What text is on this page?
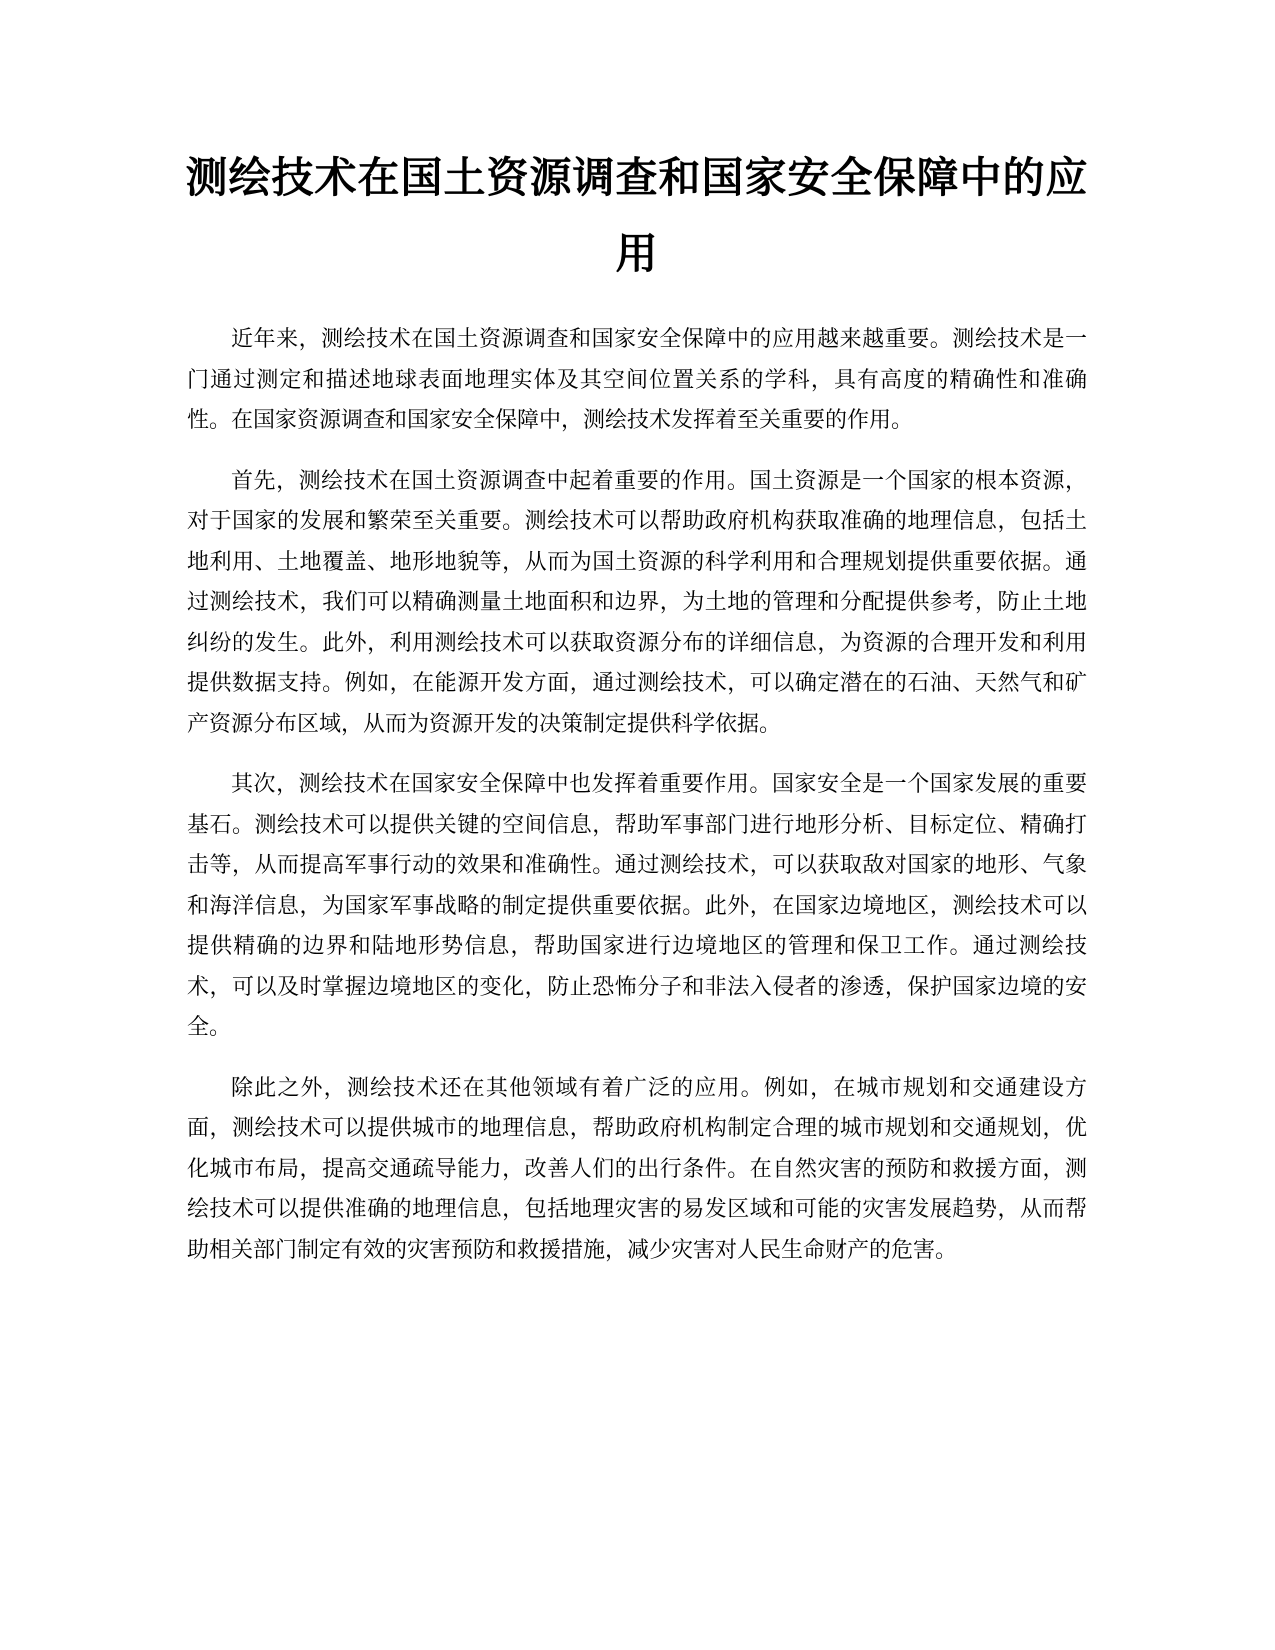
测绘技术在国土资源调查和国家安全保障中的应用

近年来，测绘技术在国土资源调查和国家安全保障中的应用越来越重要。测绘技术是一门通过测定和描述地球表面地理实体及其空间位置关系的学科，具有高度的精确性和准确性。在国家资源调查和国家安全保障中，测绘技术发挥着至关重要的作用。

首先，测绘技术在国土资源调查中起着重要的作用。国土资源是一个国家的根本资源，对于国家的发展和繁荣至关重要。测绘技术可以帮助政府机构获取准确的地理信息，包括土地利用、土地覆盖、地形地貌等，从而为国土资源的科学利用和合理规划提供重要依据。通过测绘技术，我们可以精确测量土地面积和边界，为土地的管理和分配提供参考，防止土地纠纷的发生。此外，利用测绘技术可以获取资源分布的详细信息，为资源的合理开发和利用提供数据支持。例如，在能源开发方面，通过测绘技术，可以确定潜在的石油、天然气和矿产资源分布区域，从而为资源开发的决策制定提供科学依据。

其次，测绘技术在国家安全保障中也发挥着重要作用。国家安全是一个国家发展的重要基石。测绘技术可以提供关键的空间信息，帮助军事部门进行地形分析、目标定位、精确打击等，从而提高军事行动的效果和准确性。通过测绘技术，可以获取敌对国家的地形、气象和海洋信息，为国家军事战略的制定提供重要依据。此外，在国家边境地区，测绘技术可以提供精确的边界和陆地形势信息，帮助国家进行边境地区的管理和保卫工作。通过测绘技术，可以及时掌握边境地区的变化，防止恐怖分子和非法入侵者的渗透，保护国家边境的安全。

除此之外，测绘技术还在其他领域有着广泛的应用。例如，在城市规划和交通建设方面，测绘技术可以提供城市的地理信息，帮助政府机构制定合理的城市规划和交通规划，优化城市布局，提高交通疏导能力，改善人们的出行条件。在自然灾害的预防和救援方面，测绘技术可以提供准确的地理信息，包括地理灾害的易发区域和可能的灾害发展趋势，从而帮助相关部门制定有效的灾害预防和救援措施，减少灾害对人民生命财产的危害。
